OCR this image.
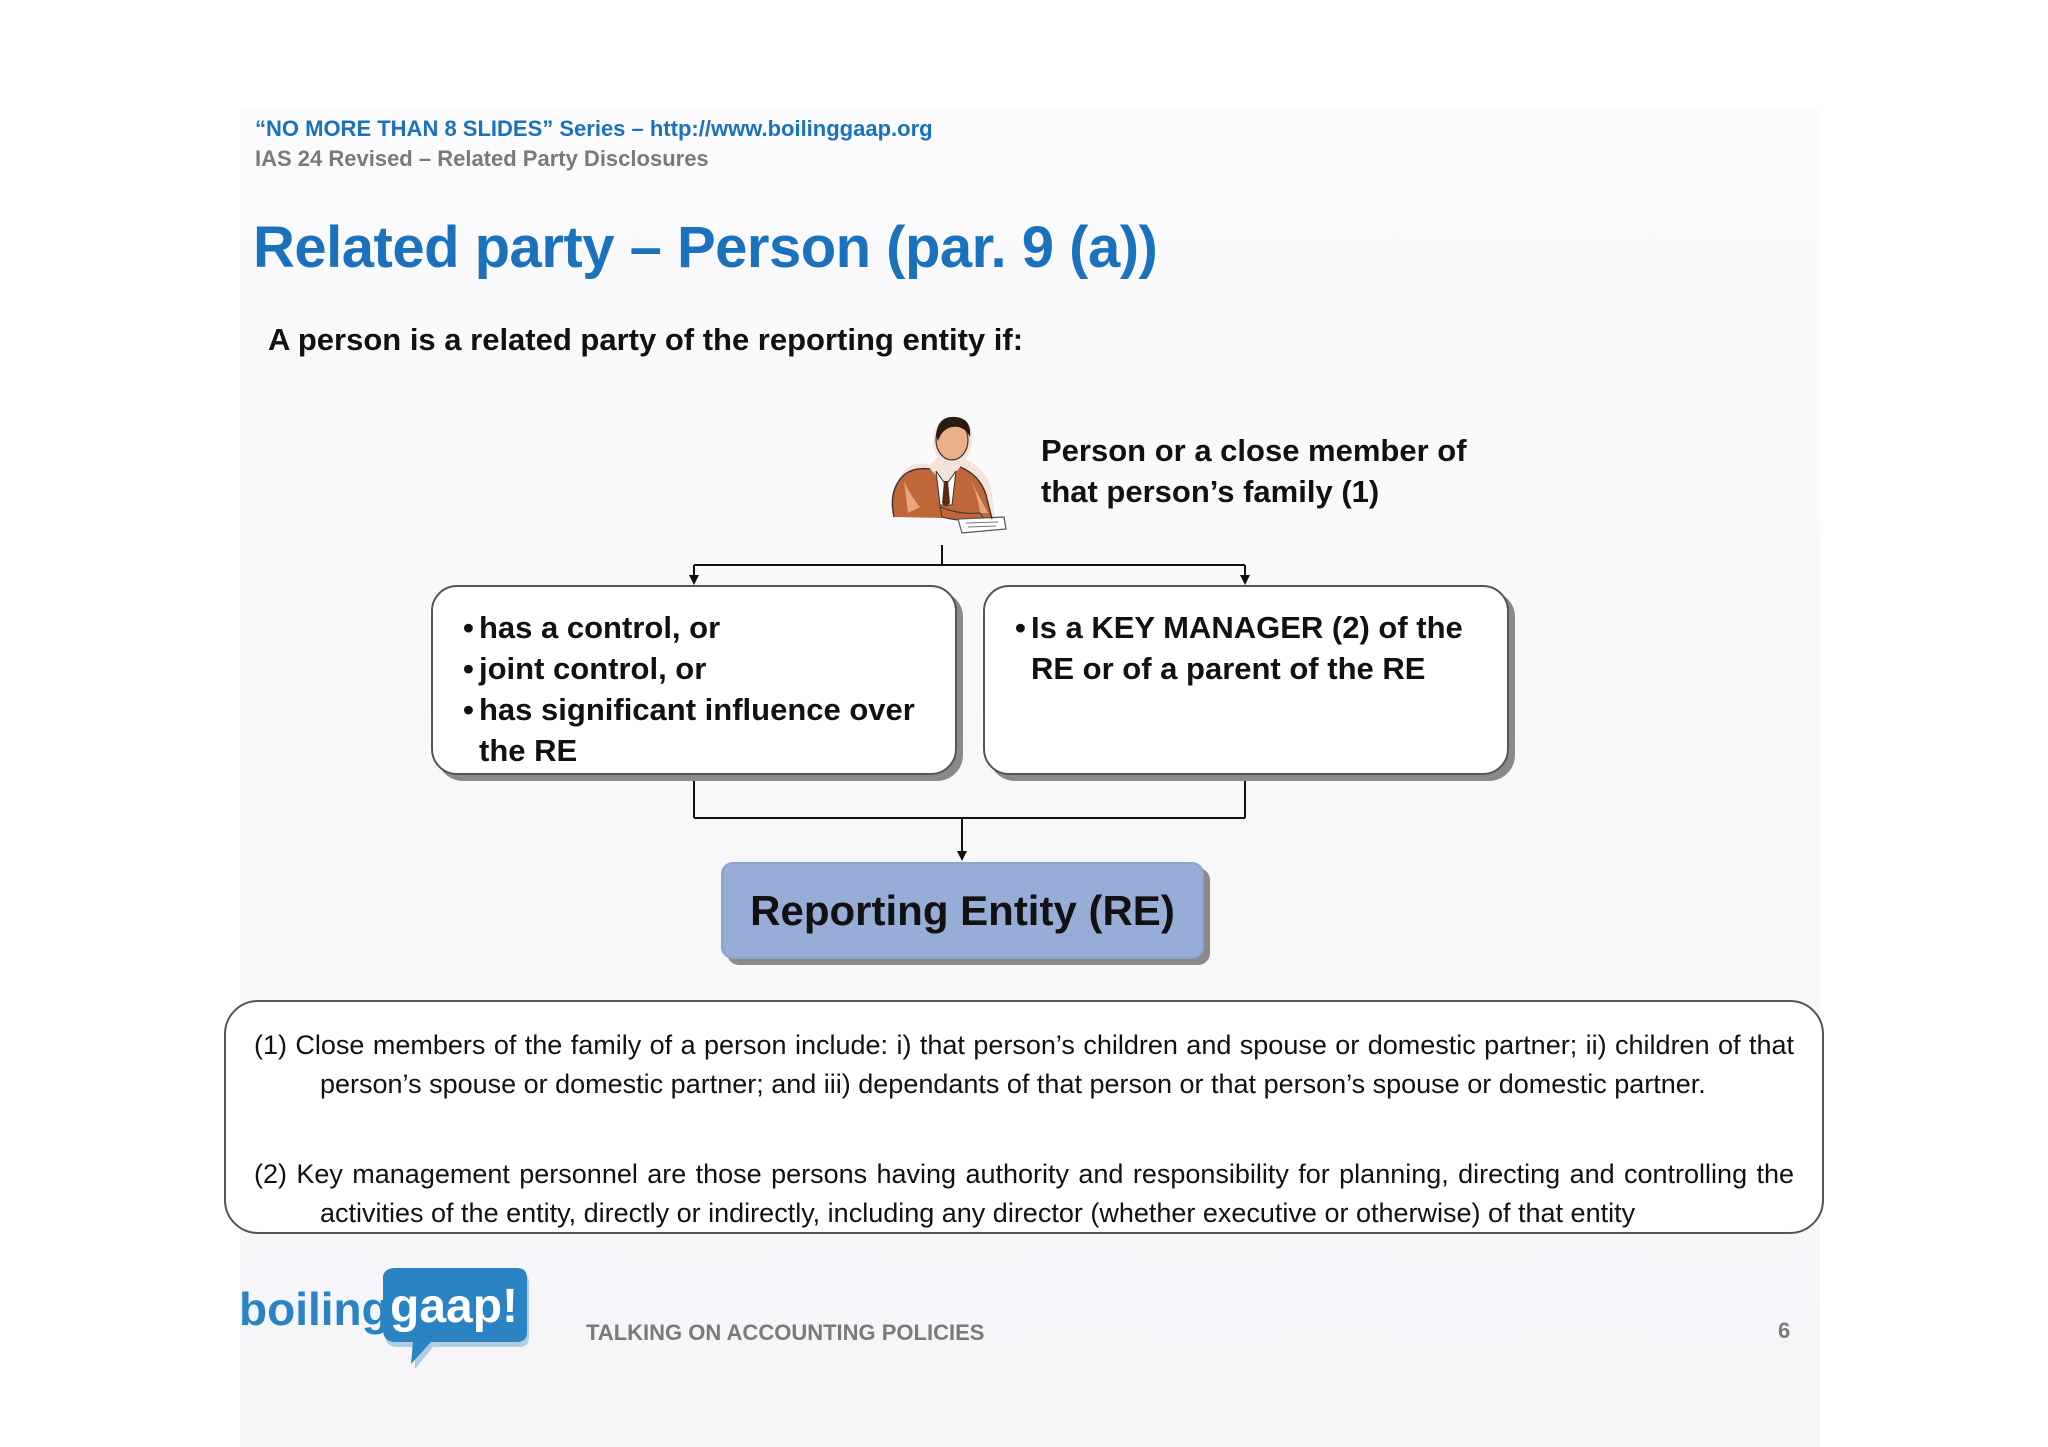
“NO MORE THAN 8 SLIDES” Series – http://www.boilinggaap.org
IAS 24 Revised – Related Party Disclosures
Related party – Person (par. 9 (a))
A person is a related party of the reporting entity if:
Person or a close member of
that person’s family (1)
• has a control, or
• joint control, or
• has significant influence over the RE
• Is a KEY MANAGER (2) of the RE or of a parent of the RE
Reporting Entity (RE)
(1) Close members of the family of a person include: i) that person’s children and spouse or domestic partner; ii) children of that person’s spouse or domestic partner; and iii) dependants of that person or that person’s spouse or domestic partner.
(2) Key management personnel are those persons having authority and responsibility for planning, directing and controlling the activities of the entity, directly or indirectly, including any director (whether executive or otherwise) of that entity
boiling gaap!	TALKING ON ACCOUNTING POLICIES	6
